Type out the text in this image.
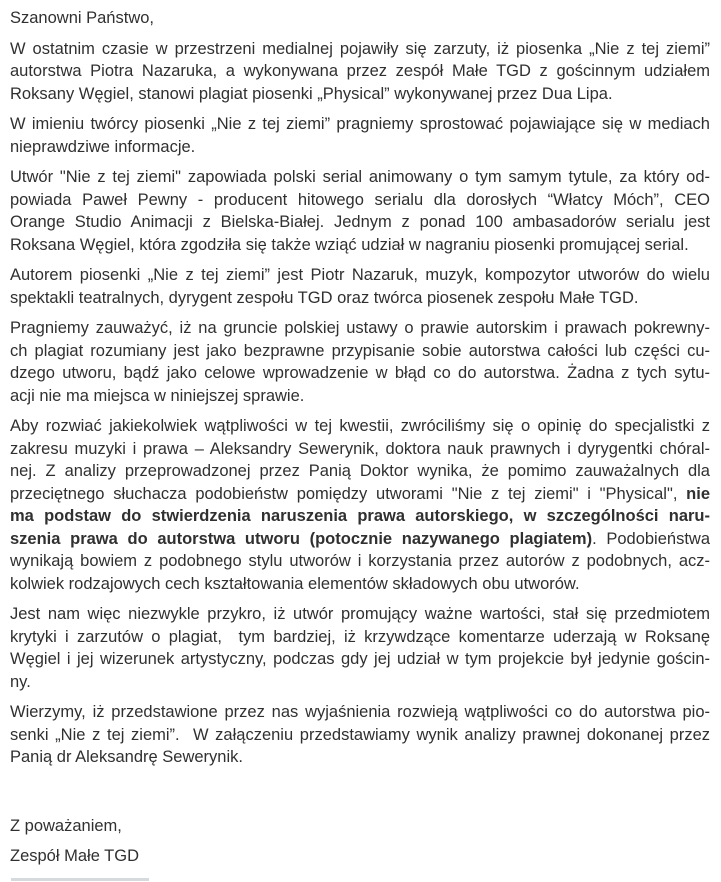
Szanowni Państwo,
W ostatnim czasie w przestrzeni medialnej pojawiły się zarzuty, iż piosenka „Nie z tej ziemi”
autorstwa Piotra Nazaruka, a wykonywana przez zespół Małe TGD z gościnnym udziałem
Roksany Węgiel, stanowi plagiat piosenki „Physical” wykonywanej przez Dua Lipa.
W imieniu twórcy piosenki „Nie z tej ziemi” pragniemy sprostować pojawiające się w mediach
nieprawdziwe informacje.
Utwór "Nie z tej ziemi" zapowiada polski serial animowany o tym samym tytule, za który od-
powiada Paweł Pewny - producent hitowego serialu dla dorosłych “Włatcy Móch”, CEO
Orange Studio Animacji z Bielska-Białej. Jednym z ponad 100 ambasadorów serialu jest
Roksana Węgiel, która zgodziła się także wziąć udział w nagraniu piosenki promującej serial.
Autorem piosenki „Nie z tej ziemi” jest Piotr Nazaruk, muzyk, kompozytor utworów do wielu
spektakli teatralnych, dyrygent zespołu TGD oraz twórca piosenek zespołu Małe TGD.
Pragniemy zauważyć, iż na gruncie polskiej ustawy o prawie autorskim i prawach pokrewny-
ch plagiat rozumiany jest jako bezprawne przypisanie sobie autorstwa całości lub części cu-
dzego utworu, bądź jako celowe wprowadzenie w błąd co do autorstwa. Żadna z tych sytu-
acji nie ma miejsca w niniejszej sprawie.
Aby rozwiać jakiekolwiek wątpliwości w tej kwestii, zwróciliśmy się o opinię do specjalistki z
zakresu muzyki i prawa – Aleksandry Sewerynik, doktora nauk prawnych i dyrygentki chóral-
nej. Z analizy przeprowadzonej przez Panią Doktor wynika, że pomimo zauważalnych dla
przeciętnego słuchacza podobieństw pomiędzy utworami "Nie z tej ziemi" i "Physical", nie
ma podstaw do stwierdzenia naruszenia prawa autorskiego, w szczególności naru-
szenia prawa do autorstwa utworu (potocznie nazywanego plagiatem). Podobieństwa
wynikają bowiem z podobnego stylu utworów i korzystania przez autorów z podobnych, acz-
kolwiek rodzajowych cech kształtowania elementów składowych obu utworów.
Jest nam więc niezwykle przykro, iż utwór promujący ważne wartości, stał się przedmiotem
krytyki i zarzutów o plagiat,  tym bardziej, iż krzywdzące komentarze uderzają w Roksanę
Węgiel i jej wizerunek artystyczny, podczas gdy jej udział w tym projekcie był jedynie gościn-
ny.
Wierzymy, iż przedstawione przez nas wyjaśnienia rozwieją wątpliwości co do autorstwa pio-
senki „Nie z tej ziemi”.  W załączeniu przedstawiamy wynik analizy prawnej dokonanej przez
Panią dr Aleksandrę Sewerynik.
Z poważaniem,
Zespół Małe TGD
